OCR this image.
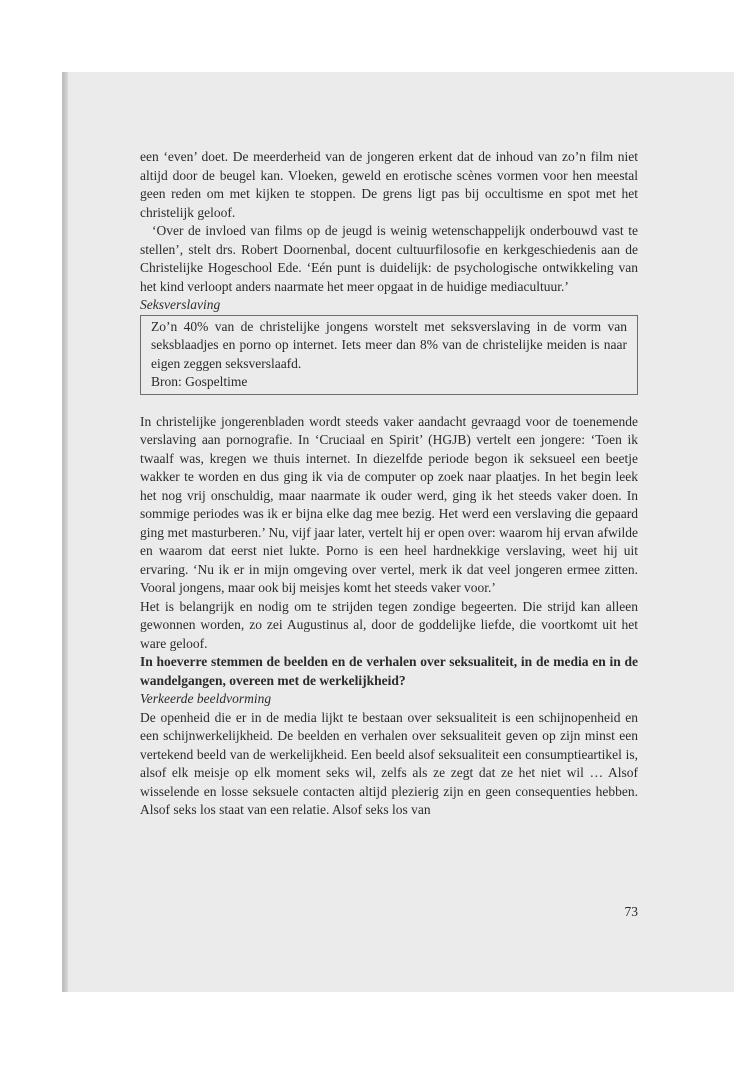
een ‘even’ doet. De meerderheid van de jongeren erkent dat de inhoud van zo’n film niet altijd door de beugel kan. Vloeken, geweld en erotische scènes vormen voor hen meestal geen reden om met kijken te stoppen. De grens ligt pas bij occultisme en spot met het christelijk geloof.

‘Over de invloed van films op de jeugd is weinig wetenschappelijk onderbouwd vast te stellen’, stelt drs. Robert Doornenbal, docent cultuurfilosofie en kerkgeschiedenis aan de Christelijke Hogeschool Ede. ‘Eén punt is duidelijk: de psychologische ontwikkeling van het kind verloopt anders naarmate het meer opgaat in de huidige mediacultuur.’

Seksverslaving

Zo’n 40% van de christelijke jongens worstelt met seksverslaving in de vorm van seksblaadjes en porno op internet. Iets meer dan 8% van de christelijke meiden is naar eigen zeggen seksverslaafd.

Bron: Gospeltime

In christelijke jongerenbladen wordt steeds vaker aandacht gevraagd voor de toenemende verslaving aan pornografie. In ‘Cruciaal en Spirit’ (HGJB) vertelt een jongere: ‘Toen ik twaalf was, kregen we thuis internet. In diezelfde periode begon ik seksueel een beetje wakker te worden en dus ging ik via de computer op zoek naar plaatjes. In het begin leek het nog vrij onschuldig, maar naarmate ik ouder werd, ging ik het steeds vaker doen. In sommige periodes was ik er bijna elke dag mee bezig. Het werd een verslaving die gepaard ging met masturberen.’ Nu, vijf jaar later, vertelt hij er open over: waarom hij ervan afwilde en waarom dat eerst niet lukte. Porno is een heel hardnekkige verslaving, weet hij uit ervaring. ‘Nu ik er in mijn omgeving over vertel, merk ik dat veel jongeren ermee zitten. Vooral jongens, maar ook bij meisjes komt het steeds vaker voor.’

Het is belangrijk en nodig om te strijden tegen zondige begeerten. Die strijd kan alleen gewonnen worden, zo zei Augustinus al, door de goddelijke liefde, die voortkomt uit het ware geloof.

In hoeverre stemmen de beelden en de verhalen over seksualiteit, in de media en in de wandelgangen, overeen met de werkelijkheid?

Verkeerde beeldvorming

De openheid die er in de media lijkt te bestaan over seksualiteit is een schijnopenheid en een schijnwerkelijkheid. De beelden en verhalen over seksualiteit geven op zijn minst een vertekend beeld van de werkelijkheid. Een beeld alsof seksualiteit een consumptieartikel is, alsof elk meisje op elk moment seks wil, zelfs als ze zegt dat ze het niet wil … Alsof wisselende en losse seksuele contacten altijd plezierig zijn en geen consequenties hebben. Alsof seks los staat van een relatie. Alsof seks los van

73
